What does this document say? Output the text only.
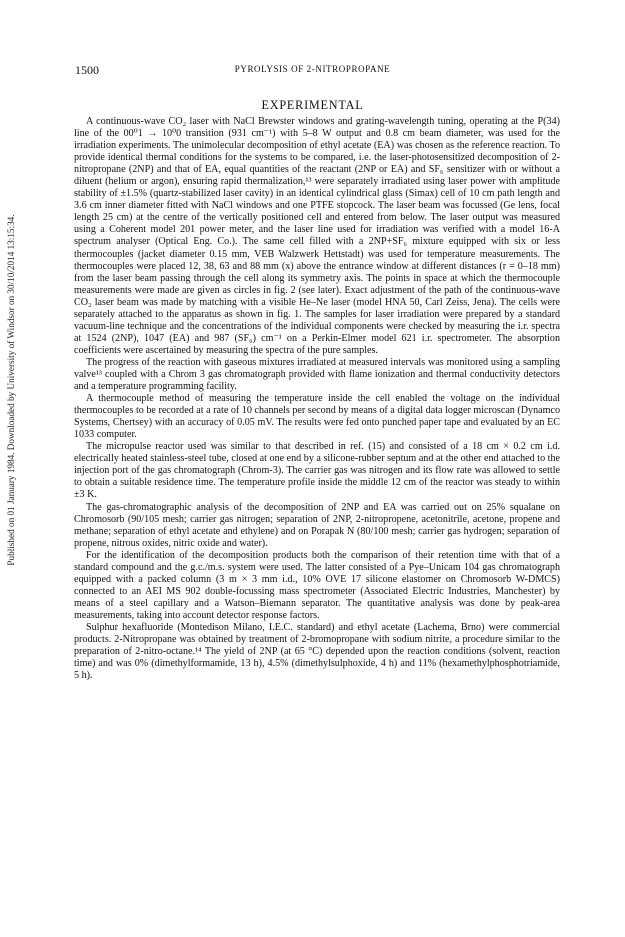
Published on 01 January 1984. Downloaded by University of Windsor on 30/10/2014 13:15:34.
1500	PYROLYSIS OF 2-NITROPROPANE
EXPERIMENTAL

A continuous-wave CO₂ laser with NaCl Brewster windows and grating-wavelength tuning, operating at the P(34) line of the 00⁰1 → 10⁰0 transition (931 cm⁻¹) with 5–8 W output and 0.8 cm beam diameter, was used for the irradiation experiments. The unimolecular decomposition of ethyl acetate (EA) was chosen as the reference reaction. To provide identical thermal conditions for the systems to be compared, i.e. the laser-photosensitized decomposition of 2-nitropropane (2NP) and that of EA, equal quantities of the reactant (2NP or EA) and SF₆ sensitizer with or without a diluent (helium or argon), ensuring rapid thermalization,¹³ were separately irradiated using laser power with amplitude stability of ±1.5% (quartz-stabilized laser cavity) in an identical cylindrical glass (Simax) cell of 10 cm path length and 3.6 cm inner diameter fitted with NaCl windows and one PTFE stopcock. The laser beam was focussed (Ge lens, focal length 25 cm) at the centre of the vertically positioned cell and entered from below. The laser output was measured using a Coherent model 201 power meter, and the laser line used for irradiation was verified with a model 16-A spectrum analyser (Optical Eng. Co.). The same cell filled with a 2NP+SF₆ mixture equipped with six or less thermocouples (jacket diameter 0.15 mm, VEB Walzwerk Hettstadt) was used for temperature measurements. The thermocouples were placed 12, 38, 63 and 88 mm (x) above the entrance window at different distances (r = 0–18 mm) from the laser beam passing through the cell along its symmetry axis. The points in space at which the thermocouple measurements were made are given as circles in fig. 2 (see later). Exact adjustment of the path of the continuous-wave CO₂ laser beam was made by matching with a visible He–Ne laser (model HNA 50, Carl Zeiss, Jena). The cells were separately attached to the apparatus as shown in fig. 1. The samples for laser irradiation were prepared by a standard vacuum-line technique and the concentrations of the individual components were checked by measuring the i.r. spectra at 1524 (2NP), 1047 (EA) and 987 (SF₆) cm⁻¹ on a Perkin-Elmer model 621 i.r. spectrometer. The absorption coefficients were ascertained by measuring the spectra of the pure samples.

The progress of the reaction with gaseous mixtures irradiated at measured intervals was monitored using a sampling valve¹³ coupled with a Chrom 3 gas chromatograph provided with flame ionization and thermal conductivity detectors and a temperature programming facility.

A thermocouple method of measuring the temperature inside the cell enabled the voltage on the individual thermocouples to be recorded at a rate of 10 channels per second by means of a digital data logger microscan (Dynamco Systems, Chertsey) with an accuracy of 0.05 mV. The results were fed onto punched paper tape and evaluated by an EC 1033 computer.

The micropulse reactor used was similar to that described in ref. (15) and consisted of a 18 cm × 0.2 cm i.d. electrically heated stainless-steel tube, closed at one end by a silicone-rubber septum and at the other end attached to the injection port of the gas chromatograph (Chrom-3). The carrier gas was nitrogen and its flow rate was allowed to settle to obtain a suitable residence time. The temperature profile inside the middle 12 cm of the reactor was steady to within ±3 K.

The gas-chromatographic analysis of the decomposition of 2NP and EA was carried out on 25% squalane on Chromosorb (90/105 mesh; carrier gas nitrogen; separation of 2NP, 2-nitropropene, acetonitrile, acetone, propene and methane; separation of ethyl acetate and ethylene) and on Porapak N (80/100 mesh; carrier gas hydrogen; separation of propene, nitrous oxides, nitric oxide and water).

For the identification of the decomposition products both the comparison of their retention time with that of a standard compound and the g.c./m.s. system were used. The latter consisted of a Pye–Unicam 104 gas chromatograph equipped with a packed column (3 m × 3 mm i.d., 10% OVE 17 silicone elastomer on Chromosorb W-DMCS) connected to an AEI MS 902 double-focussing mass spectrometer (Associated Electric Industries, Manchester) by means of a steel capillary and a Watson–Biemann separator. The quantitative analysis was done by peak-area measurements, taking into account detector response factors.

Sulphur hexafluoride (Montedison Milano, I.E.C. standard) and ethyl acetate (Lachema, Brno) were commercial products. 2-Nitropropane was obtained by treatment of 2-bromopropane with sodium nitrite, a procedure similar to the preparation of 2-nitro-octane.¹⁴ The yield of 2NP (at 65 °C) depended upon the reaction conditions (solvent, reaction time) and was 0% (dimethylformamide, 13 h), 4.5% (dimethylsulphoxide, 4 h) and 11% (hexamethylphosphotriamide, 5 h).
